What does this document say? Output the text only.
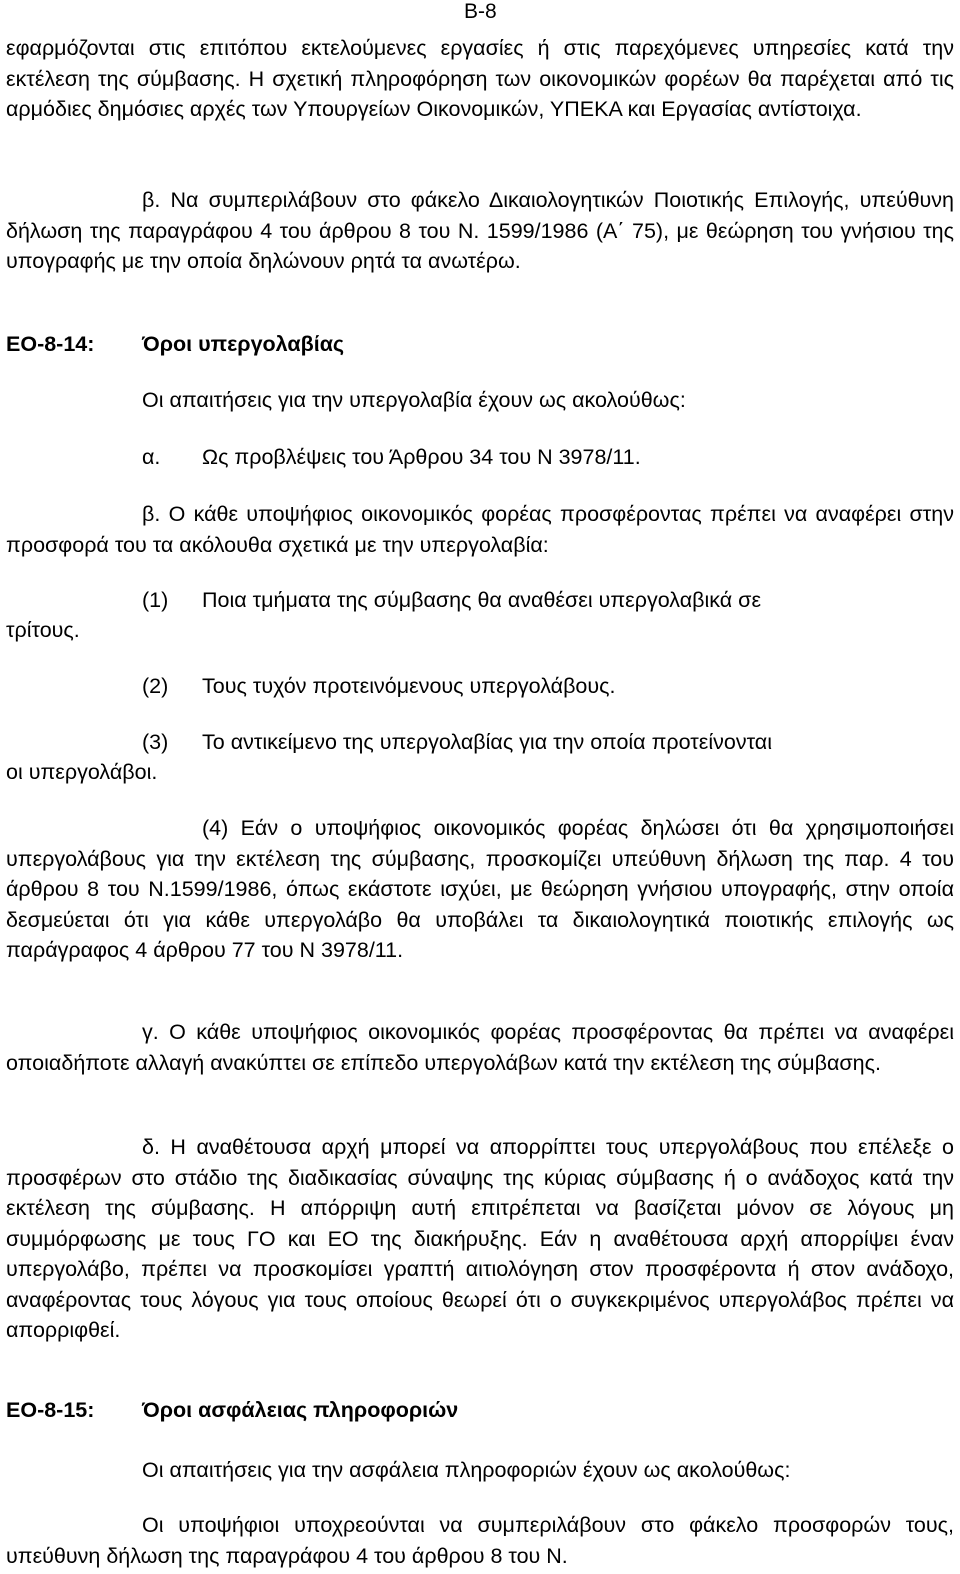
Β-8

εφαρμόζονται στις επιτόπου εκτελούμενες εργασίες ή στις παρεχόμενες υπηρεσίες κατά την εκτέλεση της σύμβασης. Η σχετική πληροφόρηση των οικονομικών φορέων θα παρέχεται από τις αρμόδιες δημόσιες αρχές των Υπουργείων Οικονομικών, ΥΠΕΚΑ και Εργασίας αντίστοιχα.

β. Να συμπεριλάβουν στο φάκελο Δικαιολογητικών Ποιοτικής Επιλογής, υπεύθυνη δήλωση της παραγράφου 4 του άρθρου 8 του Ν. 1599/1986 (Α΄ 75), με θεώρηση του γνήσιου της υπογραφής με την οποία δηλώνουν ρητά τα ανωτέρω.

ΕΟ-8-14:	Όροι υπεργολαβίας

Οι απαιτήσεις για την υπεργολαβία έχουν ως ακολούθως:

α. Ως προβλέψεις του Άρθρου 34 του Ν 3978/11.

β. Ο κάθε υποψήφιος οικονομικός φορέας προσφέροντας πρέπει να αναφέρει στην προσφορά του τα ακόλουθα σχετικά με την υπεργολαβία:

(1) Ποια τμήματα της σύμβασης θα αναθέσει υπεργολαβικά σε

τρίτους.

(2) Τους τυχόν προτεινόμενους υπεργολάβους.

(3) Το αντικείμενο της υπεργολαβίας για την οποία προτείνονται

οι υπεργολάβοι.

(4) Εάν ο υποψήφιος οικονομικός φορέας δηλώσει ότι θα χρησιμοποιήσει υπεργολάβους για την εκτέλεση της σύμβασης, προσκομίζει υπεύθυνη δήλωση της παρ. 4 του άρθρου 8 του Ν.1599/1986, όπως εκάστοτε ισχύει, με θεώρηση γνήσιου υπογραφής, στην οποία δεσμεύεται ότι για κάθε υπεργολάβο θα υποβάλει τα δικαιολογητικά ποιοτικής επιλογής ως παράγραφος 4 άρθρου 77 του Ν 3978/11.

γ. Ο κάθε υποψήφιος οικονομικός φορέας προσφέροντας θα πρέπει να αναφέρει οποιαδήποτε αλλαγή ανακύπτει σε επίπεδο υπεργολάβων κατά την εκτέλεση της σύμβασης.

δ. Η αναθέτουσα αρχή μπορεί να απορρίπτει τους υπεργολάβους που επέλεξε ο προσφέρων στο στάδιο της διαδικασίας σύναψης της κύριας σύμβασης ή ο ανάδοχος κατά την εκτέλεση της σύμβασης. Η απόρριψη αυτή επιτρέπεται να βασίζεται μόνον σε λόγους μη συμμόρφωσης με τους ΓΟ και ΕΟ της διακήρυξης. Εάν η αναθέτουσα αρχή απορρίψει έναν υπεργολάβο, πρέπει να προσκομίσει γραπτή αιτιολόγηση στον προσφέροντα ή στον ανάδοχο, αναφέροντας τους λόγους για τους οποίους θεωρεί ότι ο συγκεκριμένος υπεργολάβος πρέπει να απορριφθεί.

ΕΟ-8-15:	Όροι ασφάλειας πληροφοριών

Οι απαιτήσεις για την ασφάλεια πληροφοριών έχουν ως ακολούθως:

Οι υποψήφιοι υποχρεούνται να συμπεριλάβουν στο φάκελο προσφορών τους, υπεύθυνη δήλωση της παραγράφου 4 του άρθρου 8 του Ν.
